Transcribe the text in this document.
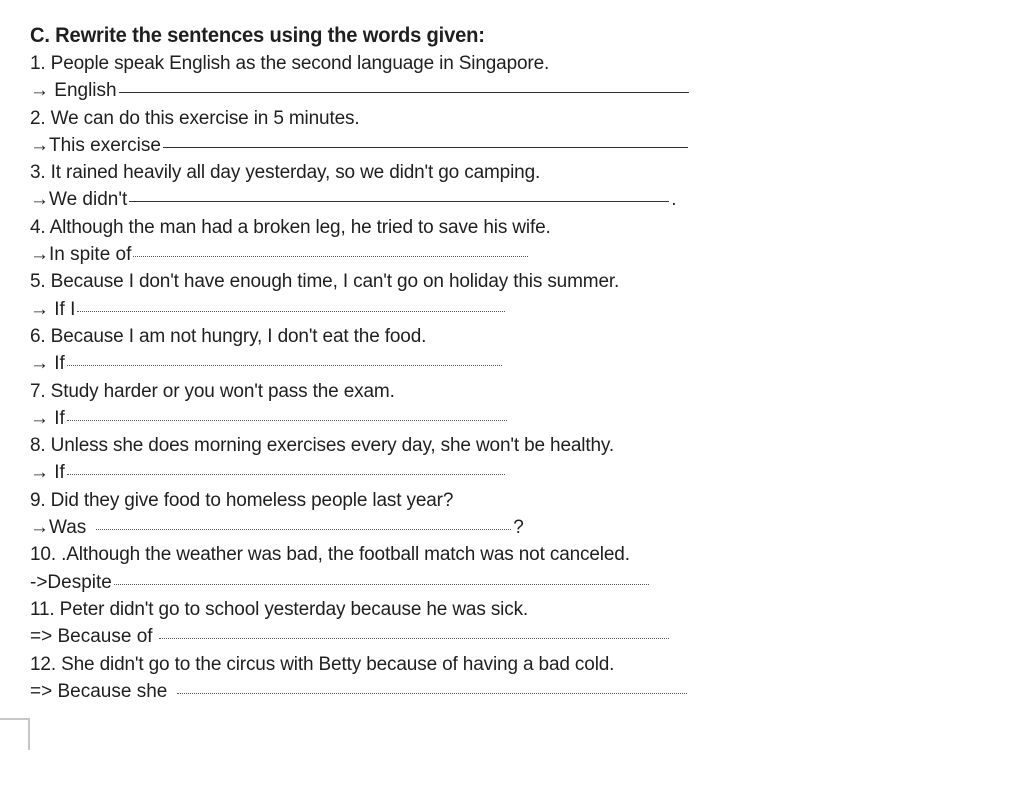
C. Rewrite the sentences using the words given:
1. People speak English as the second language in Singapore.
→ English
2. We can do this exercise in 5 minutes.
→This exercise
3. It rained heavily all day yesterday, so we didn't go camping.
→We didn't	.
4. Although the man had a broken leg, he tried to save his wife.
→In spite of
5. Because I don't have enough time, I can't go on holiday this summer.
→ If I
6. Because I am not hungry, I don't eat the food.
→ If
7. Study harder or you won't pass the exam.
→ If
8. Unless she does morning exercises every day, she won't be healthy.
→ If
9. Did they give food to homeless people last year?
→Was	?
10. .Although the weather was bad, the football match was not canceled.
->Despite
11. Peter didn't go to school yesterday because he was sick.
=> Because of
12. She didn't go to the circus with Betty because of having a bad cold.
=> Because she
